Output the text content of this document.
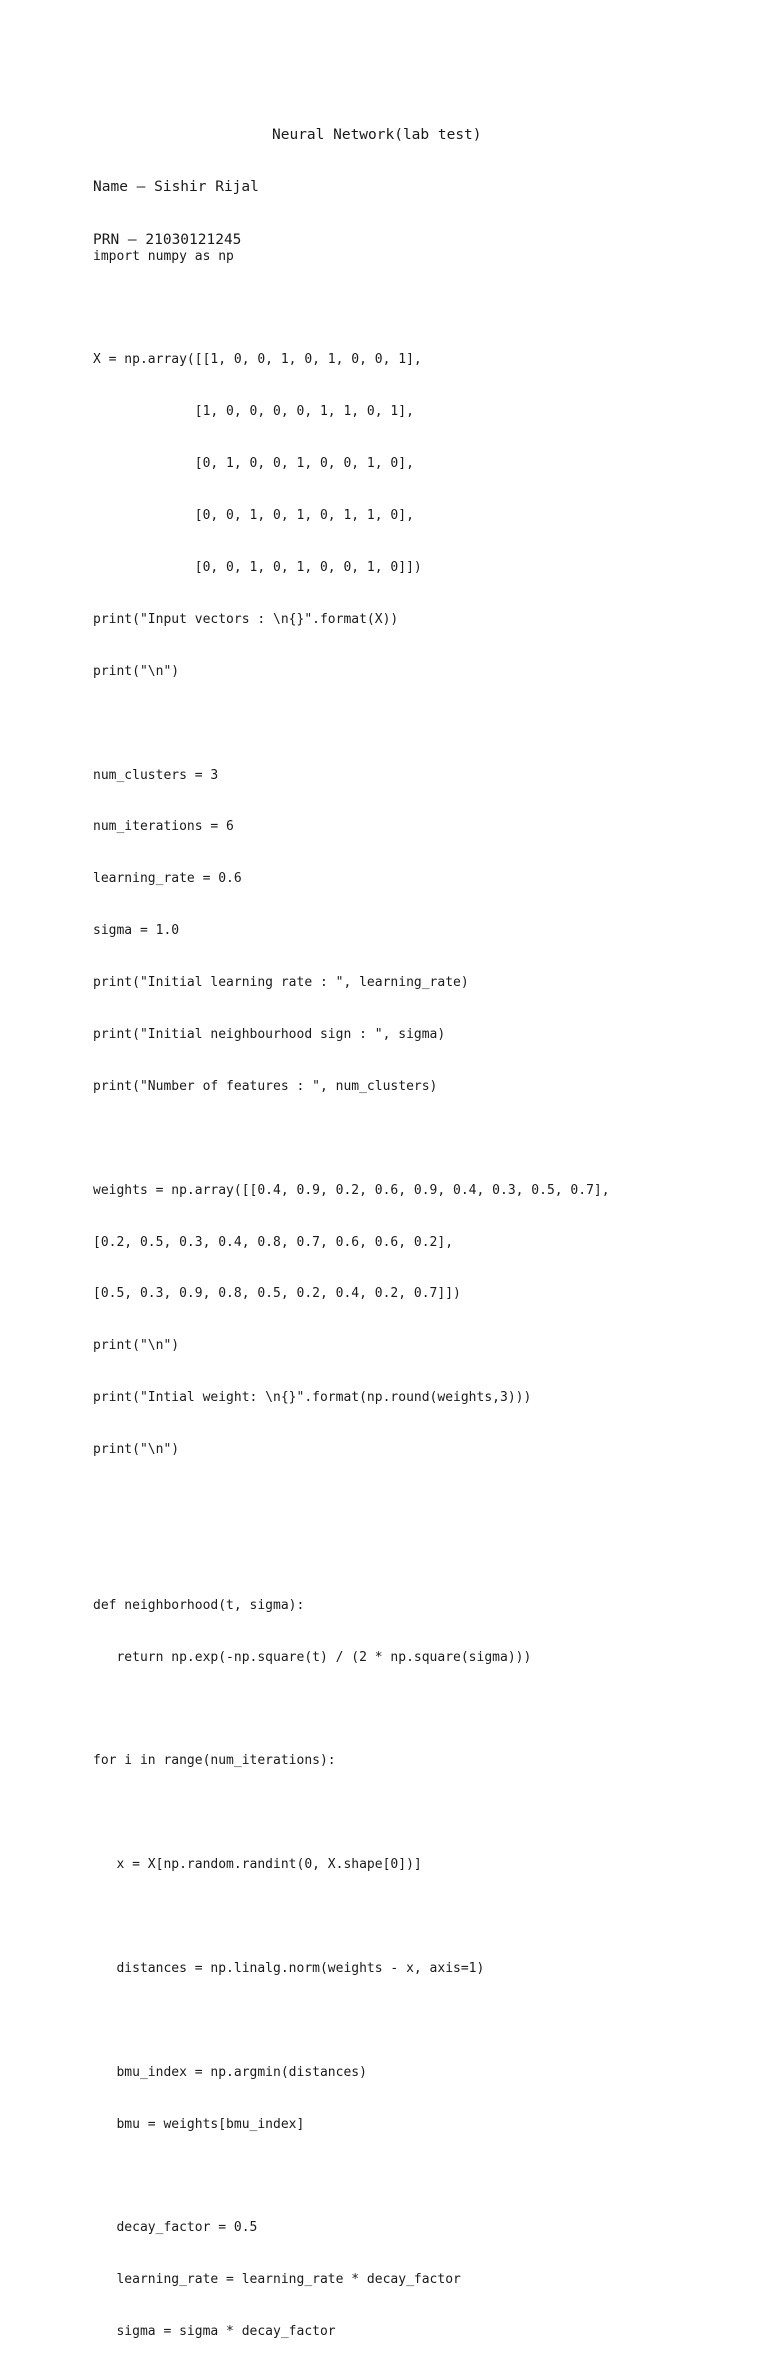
Neural Network(lab test)

Name – Sishir Rijal

PRN – 21030121245

import numpy as np

X = np.array([[1, 0, 0, 1, 0, 1, 0, 0, 1],

[1, 0, 0, 0, 0, 1, 1, 0, 1],

[0, 1, 0, 0, 1, 0, 0, 1, 0],

[0, 0, 1, 0, 1, 0, 1, 1, 0],

[0, 0, 1, 0, 1, 0, 0, 1, 0]])

print("Input vectors : \n{}".format(X))

print("\n")

num_clusters = 3

num_iterations = 6

learning_rate = 0.6

sigma = 1.0

print("Initial learning rate : ", learning_rate)

print("Initial neighbourhood sign : ", sigma)

print("Number of features : ", num_clusters)

weights = np.array([[0.4, 0.9, 0.2, 0.6, 0.9, 0.4, 0.3, 0.5, 0.7],

[0.2, 0.5, 0.3, 0.4, 0.8, 0.7, 0.6, 0.6, 0.2],

[0.5, 0.3, 0.9, 0.8, 0.5, 0.2, 0.4, 0.2, 0.7]])

print("\n")

print("Intial weight: \n{}".format(np.round(weights,3)))

print("\n")

def neighborhood(t, sigma):

return np.exp(-np.square(t) / (2 * np.square(sigma)))

for i in range(num_iterations):

x = X[np.random.randint(0, X.shape[0])]

distances = np.linalg.norm(weights - x, axis=1)

bmu_index = np.argmin(distances)

bmu = weights[bmu_index]

decay_factor = 0.5

learning_rate = learning_rate * decay_factor

sigma = sigma * decay_factor
